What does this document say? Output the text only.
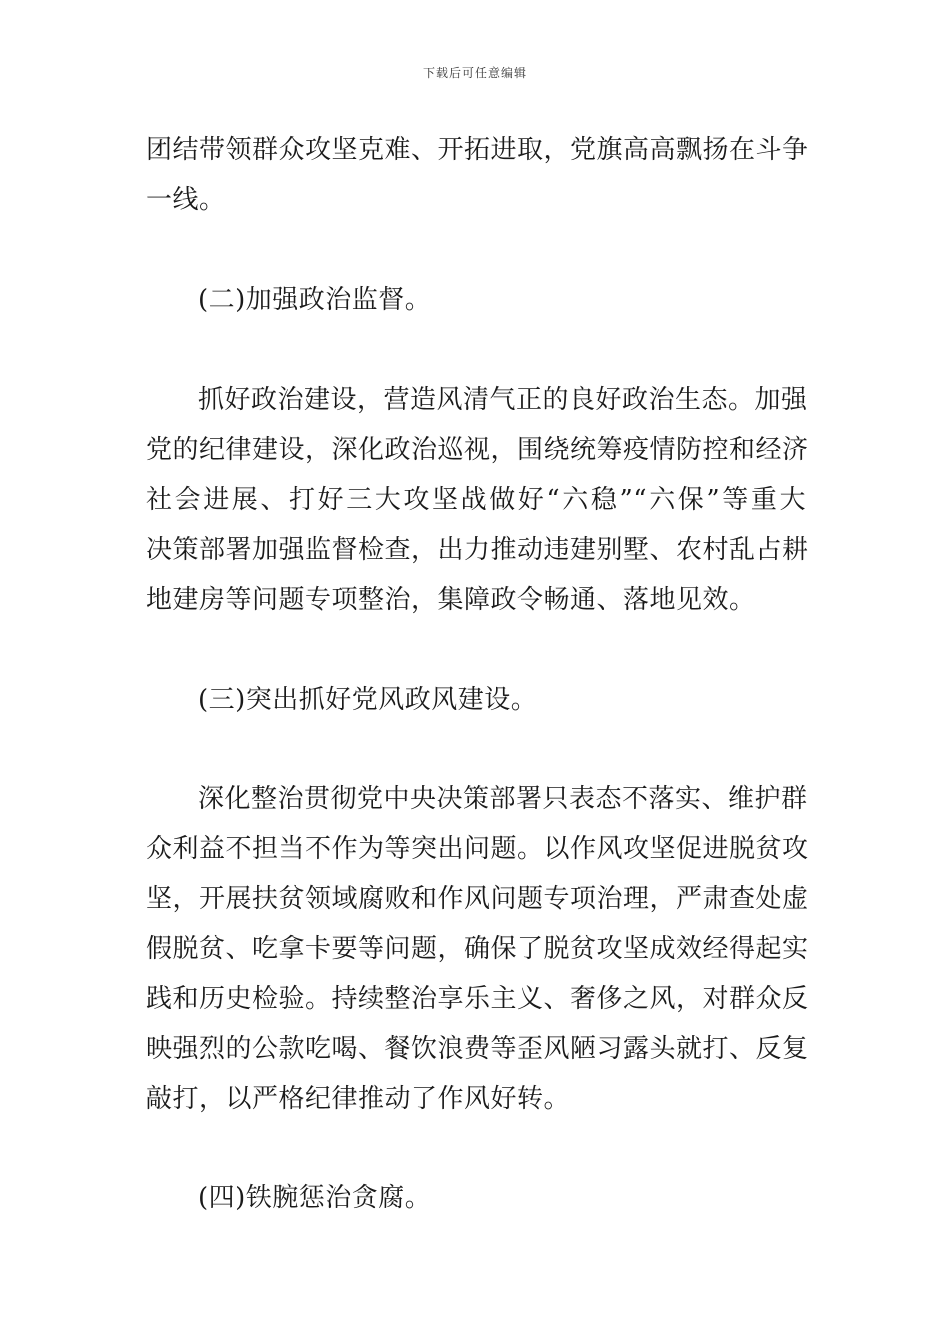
下载后可任意编辑
团结带领群众攻坚克难、开拓进取，党旗高高飘扬在斗争
一线。
(二)加强政治监督。
抓好政治建设，营造风清气正的良好政治生态。加强
党的纪律建设，深化政治巡视，围绕统筹疫情防控和经济
社会进展、打好三大攻坚战做好“六稳”“六保”等重大
决策部署加强监督检查，出力推动违建别墅、农村乱占耕
地建房等问题专项整治，集障政令畅通、落地见效。
(三)突出抓好党风政风建设。
深化整治贯彻党中央决策部署只表态不落实、维护群
众利益不担当不作为等突出问题。以作风攻坚促进脱贫攻
坚，开展扶贫领域腐败和作风问题专项治理，严肃查处虚
假脱贫、吃拿卡要等问题，确保了脱贫攻坚成效经得起实
践和历史检验。持续整治享乐主义、奢侈之风，对群众反
映强烈的公款吃喝、餐饮浪费等歪风陋习露头就打、反复
敲打，以严格纪律推动了作风好转。
(四)铁腕惩治贪腐。
